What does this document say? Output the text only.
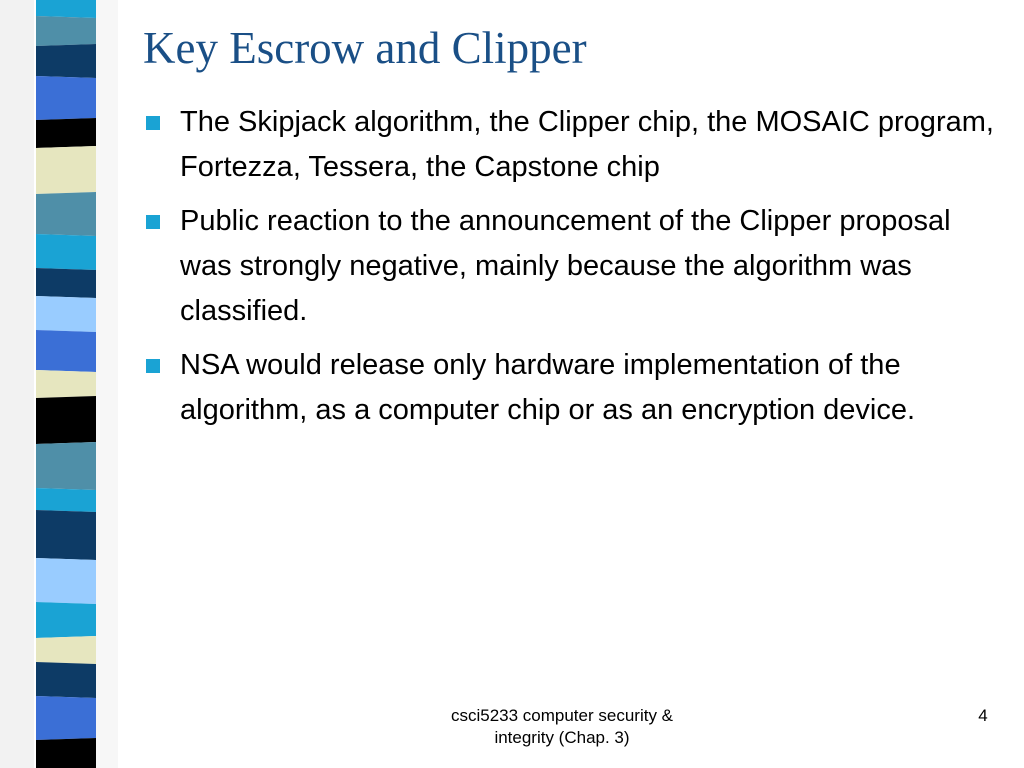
Key Escrow and Clipper
The Skipjack algorithm, the Clipper chip, the MOSAIC program, Fortezza, Tessera, the Capstone chip
Public reaction to the announcement of the Clipper proposal was strongly negative, mainly because the algorithm was classified.
NSA would release only hardware implementation of the algorithm, as a computer chip or as an encryption device.
csci5233 computer security &
integrity (Chap. 3)
4
